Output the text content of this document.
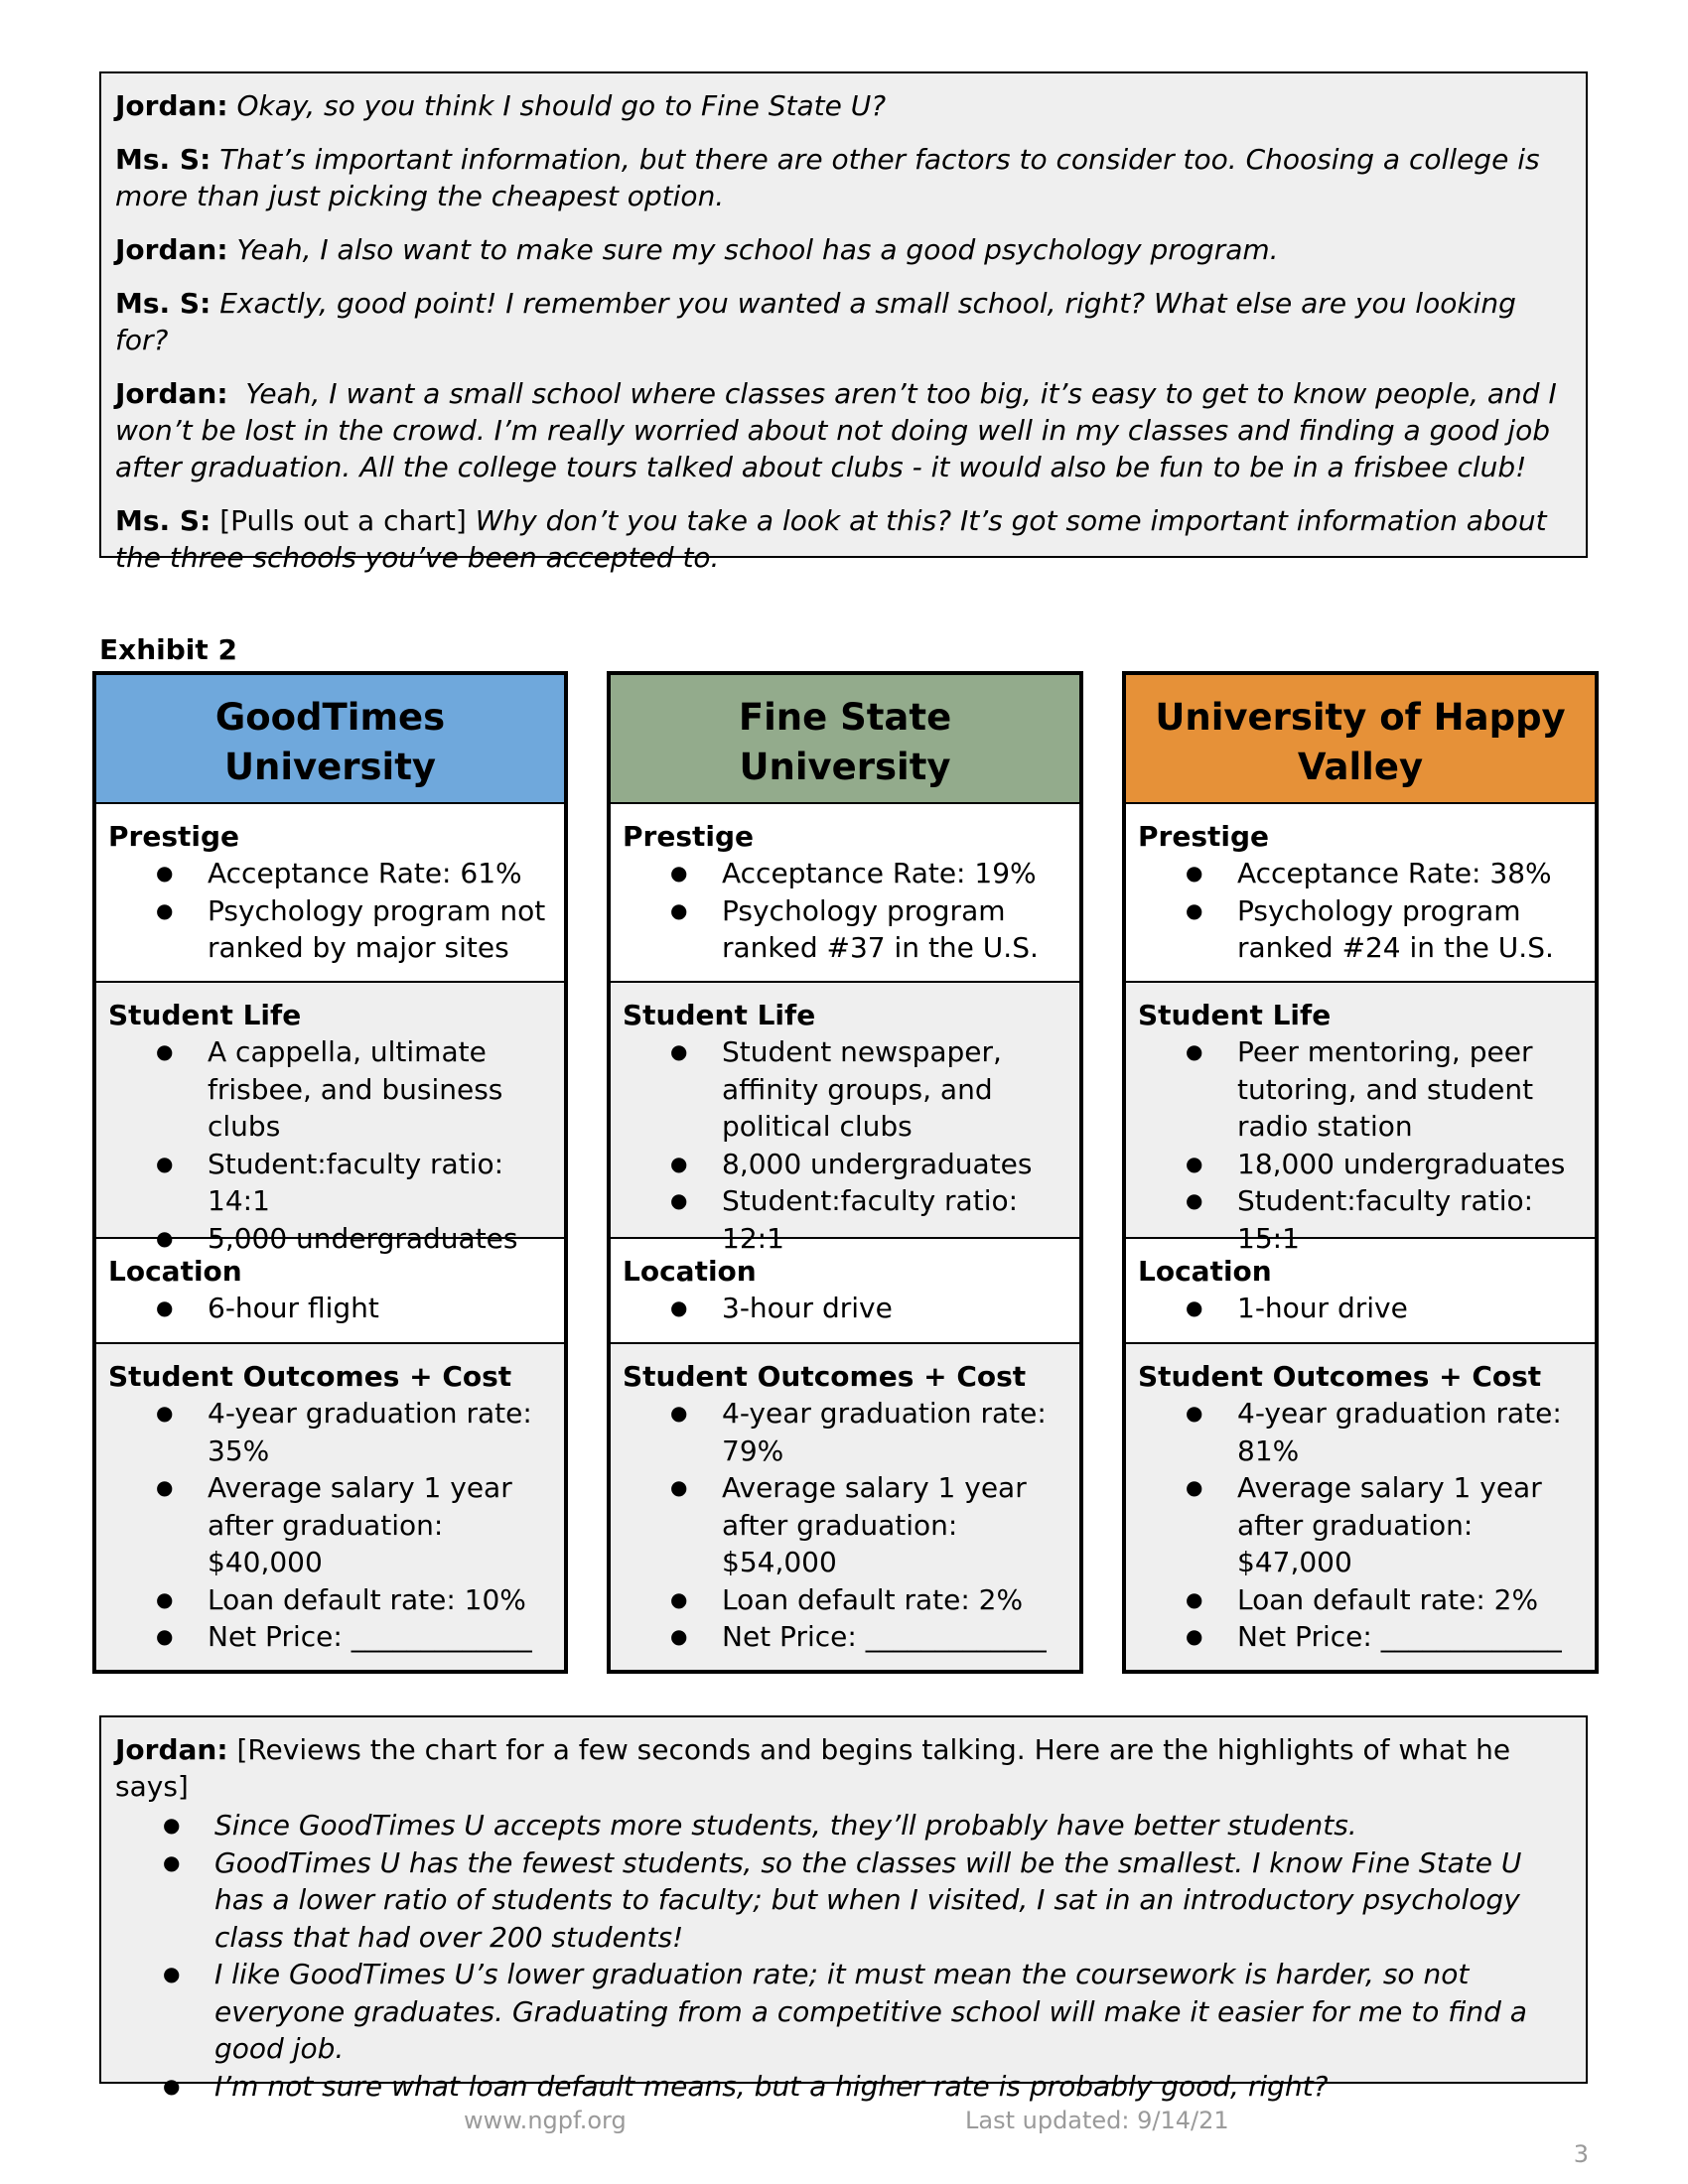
Jordan: Okay, so you think I should go to Fine State U?

Ms. S: That’s important information, but there are other factors to consider too. Choosing a college is more than just picking the cheapest option.

Jordan: Yeah, I also want to make sure my school has a good psychology program.

Ms. S: Exactly, good point! I remember you wanted a small school, right? What else are you looking for?

Jordan:  Yeah, I want a small school where classes aren’t too big, it’s easy to get to know people, and I won’t be lost in the crowd. I’m really worried about not doing well in my classes and finding a good job after graduation. All the college tours talked about clubs - it would also be fun to be in a frisbee club!

Ms. S: [Pulls out a chart] Why don’t you take a look at this? It’s got some important information about the three schools you’ve been accepted to.

Exhibit 2
GoodTimes University
Prestige
● Acceptance Rate: 61%
● Psychology program not ranked by major sites
Student Life
● A cappella, ultimate frisbee, and business clubs
● Student:faculty ratio: 14:1
● 5,000 undergraduates
Location
● 6-hour flight
Student Outcomes + Cost
● 4-year graduation rate: 35%
● Average salary 1 year after graduation: $40,000
● Loan default rate: 10%
● Net Price: _____________
Fine State University
Prestige
● Acceptance Rate: 19%
● Psychology program ranked #37 in the U.S.
Student Life
● Student newspaper, affinity groups, and political clubs
● 8,000 undergraduates
● Student:faculty ratio: 12:1
Location
● 3-hour drive
Student Outcomes + Cost
● 4-year graduation rate: 79%
● Average salary 1 year after graduation: $54,000
● Loan default rate: 2%
● Net Price: _____________
University of Happy Valley
Prestige
● Acceptance Rate: 38%
● Psychology program ranked #24 in the U.S.
Student Life
● Peer mentoring, peer tutoring, and student radio station
● 18,000 undergraduates
● Student:faculty ratio: 15:1
Location
● 1-hour drive
Student Outcomes + Cost
● 4-year graduation rate: 81%
● Average salary 1 year after graduation: $47,000
● Loan default rate: 2%
● Net Price: _____________

Jordan: [Reviews the chart for a few seconds and begins talking. Here are the highlights of what he says]

● Since GoodTimes U accepts more students, they’ll probably have better students.
● GoodTimes U has the fewest students, so the classes will be the smallest. I know Fine State U has a lower ratio of students to faculty; but when I visited, I sat in an introductory psychology class that had over 200 students!
● I like GoodTimes U’s lower graduation rate; it must mean the coursework is harder, so not everyone graduates. Graduating from a competitive school will make it easier for me to find a good job.
● I’m not sure what loan default means, but a higher rate is probably good, right?
www.ngpf.org	Last updated: 9/14/21
3
